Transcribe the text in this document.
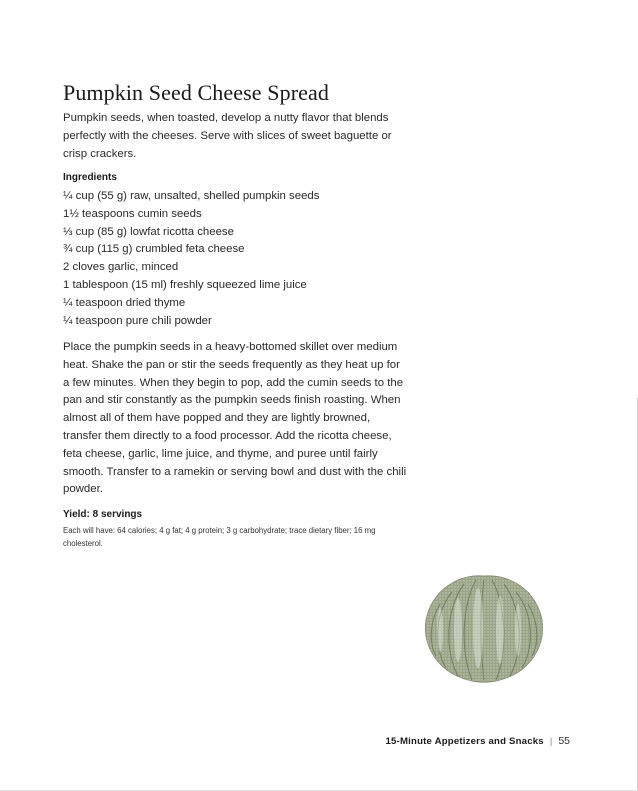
Pumpkin Seed Cheese Spread

Pumpkin seeds, when toasted, develop a nutty flavor that blends perfectly with the cheeses. Serve with slices of sweet baguette or crisp crackers.

Ingredients
¼ cup (55 g) raw, unsalted, shelled pumpkin seeds
1½ teaspoons cumin seeds
⅓ cup (85 g) lowfat ricotta cheese
¾ cup (115 g) crumbled feta cheese
2 cloves garlic, minced
1 tablespoon (15 ml) freshly squeezed lime juice
¼ teaspoon dried thyme
¼ teaspoon pure chili powder

Place the pumpkin seeds in a heavy-bottomed skillet over medium heat. Shake the pan or stir the seeds frequently as they heat up for a few minutes. When they begin to pop, add the cumin seeds to the pan and stir constantly as the pumpkin seeds finish roasting. When almost all of them have popped and they are lightly browned, transfer them directly to a food processor. Add the ricotta cheese, feta cheese, garlic, lime juice, and thyme, and puree until fairly smooth. Transfer to a ramekin or serving bowl and dust with the chili powder.

Yield: 8 servings

Each will have: 64 calories; 4 g fat; 4 g protein; 3 g carbohydrate; trace dietary fiber; 16 mg cholesterol.

15-Minute Appetizers and Snacks | 55
